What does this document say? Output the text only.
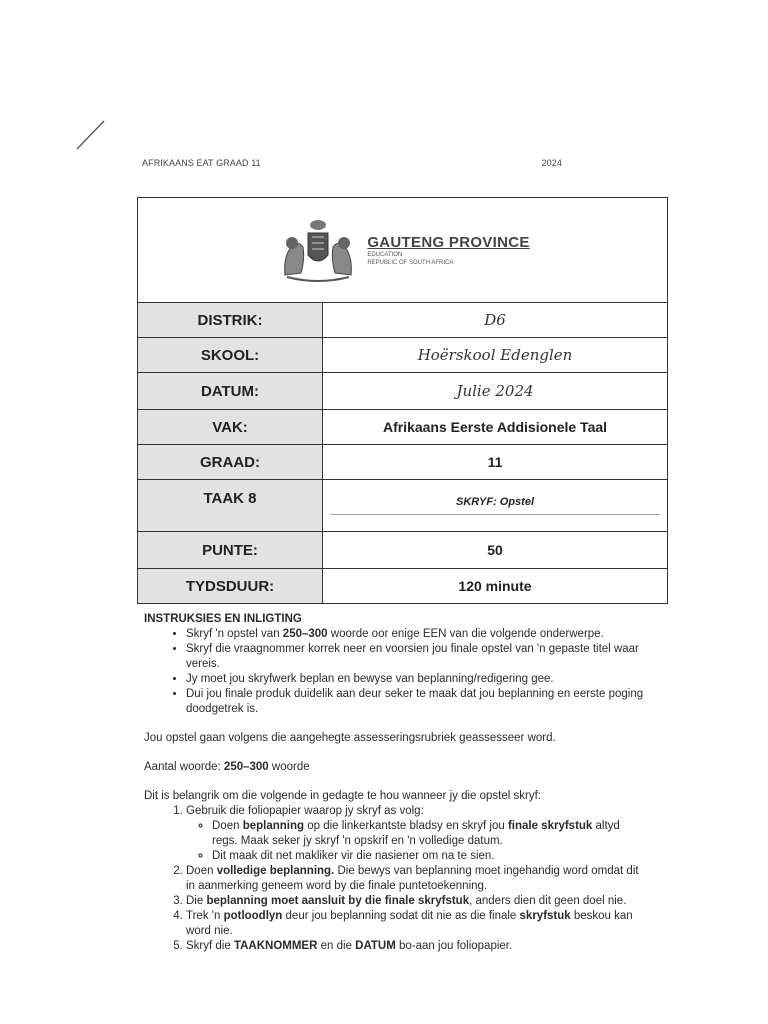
AFRIKAANS EAT GRAAD 11	2024
GAUTENG PROVINCE
EDUCATION
REPUBLIC OF SOUTH AFRICA
DISTRIK:	D6
SKOOL:	Hoërskool Edenglen
DATUM:	Julie 2024
VAK:	Afrikaans Eerste Addisionele Taal
GRAAD:	11
TAAK 8	SKRYF: Opstel
PUNTE:	50
TYDSDUUR:	120 minute
INSTRUKSIES EN INLIGTING
• Skryf 'n opstel van 250–300 woorde oor enige EEN van die volgende onderwerpe.
• Skryf die vraagnommer korrek neer en voorsien jou finale opstel van 'n gepaste titel waar vereis.
• Jy moet jou skryfwerk beplan en bewyse van beplanning/redigering gee.
• Dui jou finale produk duidelik aan deur seker te maak dat jou beplanning en eerste poging doodgetrek is.

Jou opstel gaan volgens die aangehegte assesseringsrubriek geassesseer word.

Aantal woorde: 250–300 woorde

Dit is belangrik om die volgende in gedagte te hou wanneer jy die opstel skryf:

1. Gebruik die foliopapier waarop jy skryf as volg:
◦ Doen beplanning op die linkerkantste bladsy en skryf jou finale skryfstuk altyd regs. Maak seker jy skryf 'n opskrif en 'n volledige datum.
◦ Dit maak dit net makliker vir die nasiener om na te sien.
2. Doen volledige beplanning. Die bewys van beplanning moet ingehandig word omdat dit in aanmerking geneem word by die finale puntetoekenning.
3. Die beplanning moet aansluit by die finale skryfstuk, anders dien dit geen doel nie.
4. Trek 'n potloodlyn deur jou beplanning sodat dit nie as die finale skryfstuk beskou kan word nie.
5. Skryf die TAAKNOMMER en die DATUM bo-aan jou foliopapier.
